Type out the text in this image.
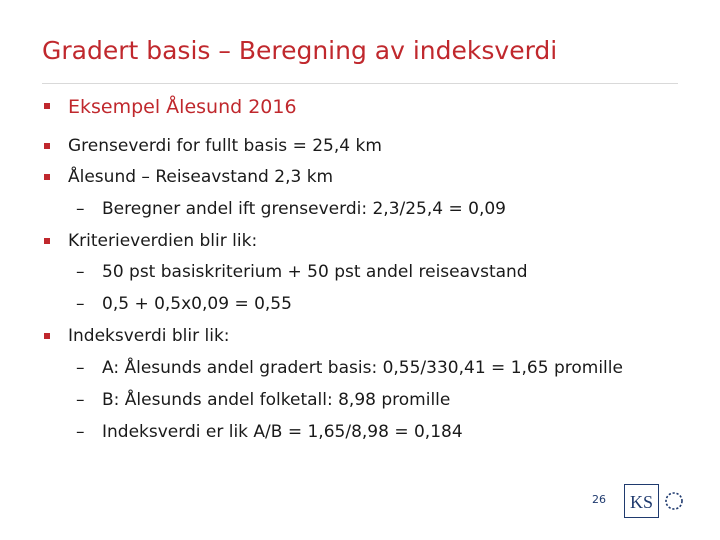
Gradert basis – Beregning av indeksverdi
Eksempel Ålesund 2016
Grenseverdi for fullt basis = 25,4 km
Ålesund – Reiseavstand 2,3 km
– Beregner andel ift grenseverdi: 2,3/25,4 = 0,09
Kriterieverdien blir lik:
– 50 pst basiskriterium + 50 pst andel reiseavstand
– 0,5 + 0,5x0,09 = 0,55
Indeksverdi blir lik:
– A: Ålesunds andel gradert basis: 0,55/330,41 = 1,65 promille
– B: Ålesunds andel folketall: 8,98 promille
– Indeksverdi er lik A/B = 1,65/8,98 = 0,184
26 KS
